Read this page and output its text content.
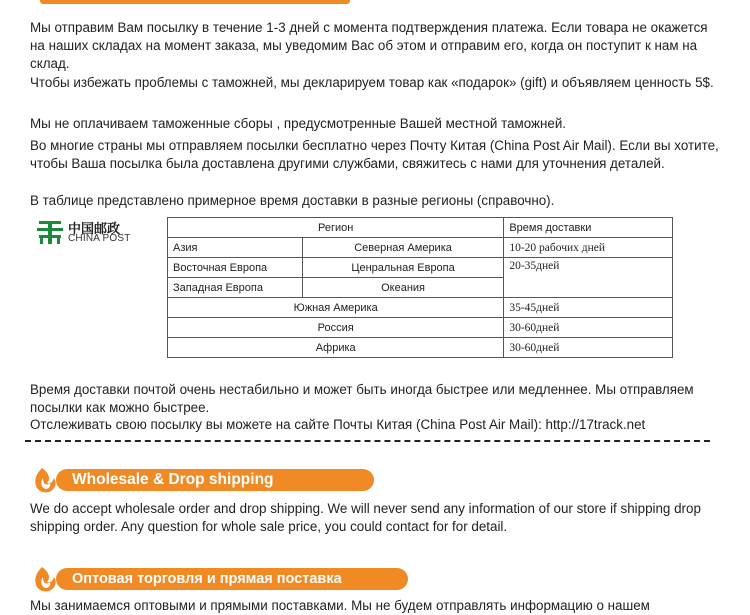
Мы отправим Вам посылку в течение 1-3 дней с момента подтверждения платежа. Если товара не окажется на наших складах на момент заказа, мы уведомим Вас об этом и отправим его, когда он поступит к нам на склад.

Чтобы избежать проблемы с таможней, мы декларируем товар как «подарок» (gift) и объявляем ценность 5$.

Мы не оплачиваем таможенные сборы , предусмотренные Вашей местной таможней.

Во многие страны мы отправляем посылки бесплатно через Почту Китая (China Post Air Mail). Если вы хотите, чтобы Ваша посылка была доставлена другими службами, свяжитесь с нами для уточнения деталей.

В таблице представлено примерное время доставки в разные регионы (справочно).

中国邮政
CHINA POST
Регион		Время доставки
Азия	Северная Америка	10-20 рабочих дней
Восточная Европа	Ценральная Европа	20-35дней
Западная Европа	Океания	
Южная Америка		35-45дней
Россия		30-60дней
Африка		30-60дней

Время доставки почтой очень нестабильно и может быть иногда быстрее или медленнее. Мы отправляем посылки как можно быстрее.

Отслеживать свою посылку вы можете на сайте Почты Китая (China Post Air Mail): http://17track.net

Wholesale & Drop shipping

We do accept wholesale order and drop shipping. We will never send any information of our store if shipping drop shipping order. Any question for whole sale price, you could contact for for detail.

Оптовая торговля и прямая поставка

Мы занимаемся оптовыми и прямыми поставками. Мы не будем отправлять информацию о нашем
